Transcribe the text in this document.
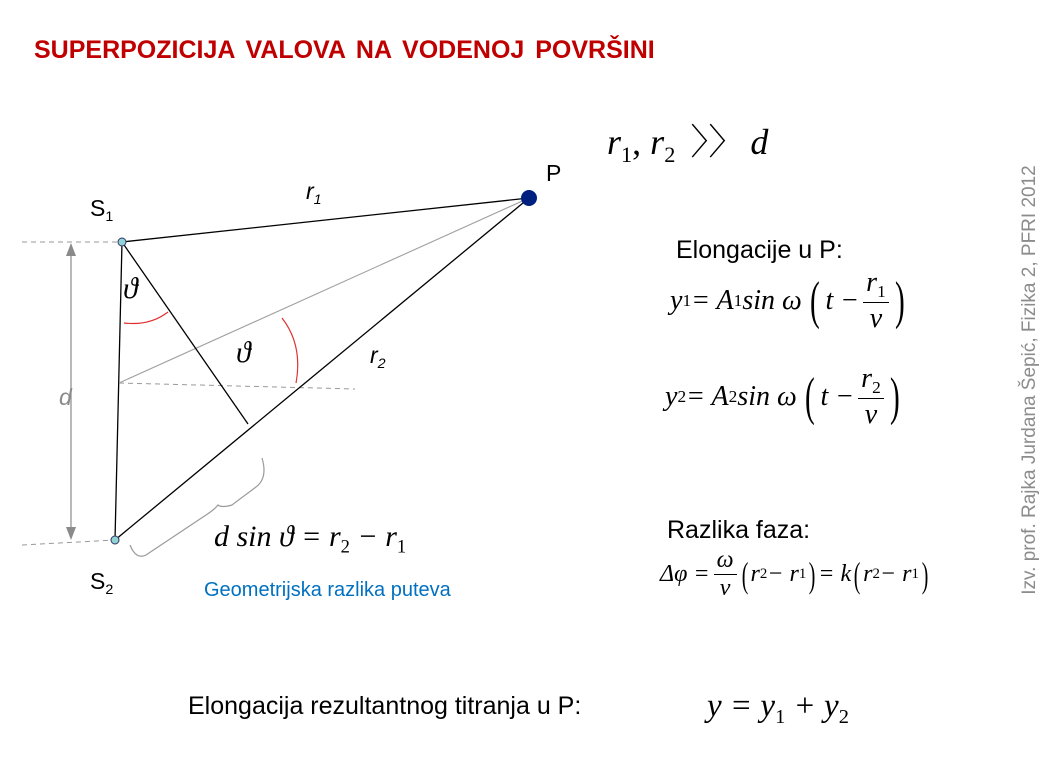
SUPERPOZICIJA VALOVA NA VODENOJ POVRŠINI
P
$S_1$
$S_2$
$r_1$
$r_2$
d
ϑ
ϑ
$r_1$, $r_2$ 〉〉 d
d $\sin ϑ = r_2 - r_1$
Geometrijska razlika puteva
Elongacije u P:
y 1 = A 1 sin ω ( $t - \frac{r_1}{v}$ )
y 2 = A 2 sin ω ( $t - \frac{r_2}{v}$ )
Razlika faza:
$\Delta\varphi = \frac{\omega}{v}$ ( r 2 − r 1 ) = k ( r 2 − r 1 )
Elongacija rezultantnog titranja u P:	$y = y_1 + y_2$
Izv. prof. Rajka Jurdana Šepić, Fizika 2, PFRI 2012
